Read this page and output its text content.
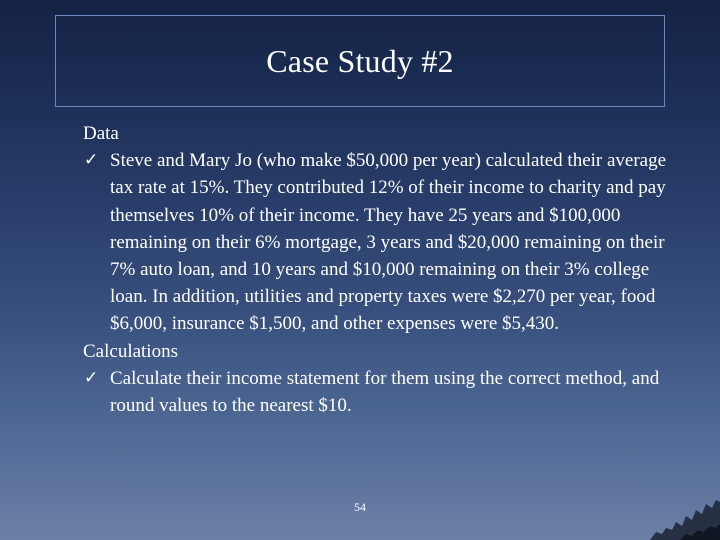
Case Study #2
Data
✓ Steve and Mary Jo (who make $50,000 per year) calculated their average tax rate at 15%. They contributed 12% of their income to charity and pay themselves 10% of their income. They have 25 years and $100,000 remaining on their 6% mortgage, 3 years and $20,000 remaining on their 7% auto loan, and 10 years and $10,000 remaining on their 3% college loan. In addition, utilities and property taxes were $2,270 per year, food $6,000, insurance $1,500, and other expenses were $5,430.
Calculations
✓ Calculate their income statement for them using the correct method, and round values to the nearest $10.
54
